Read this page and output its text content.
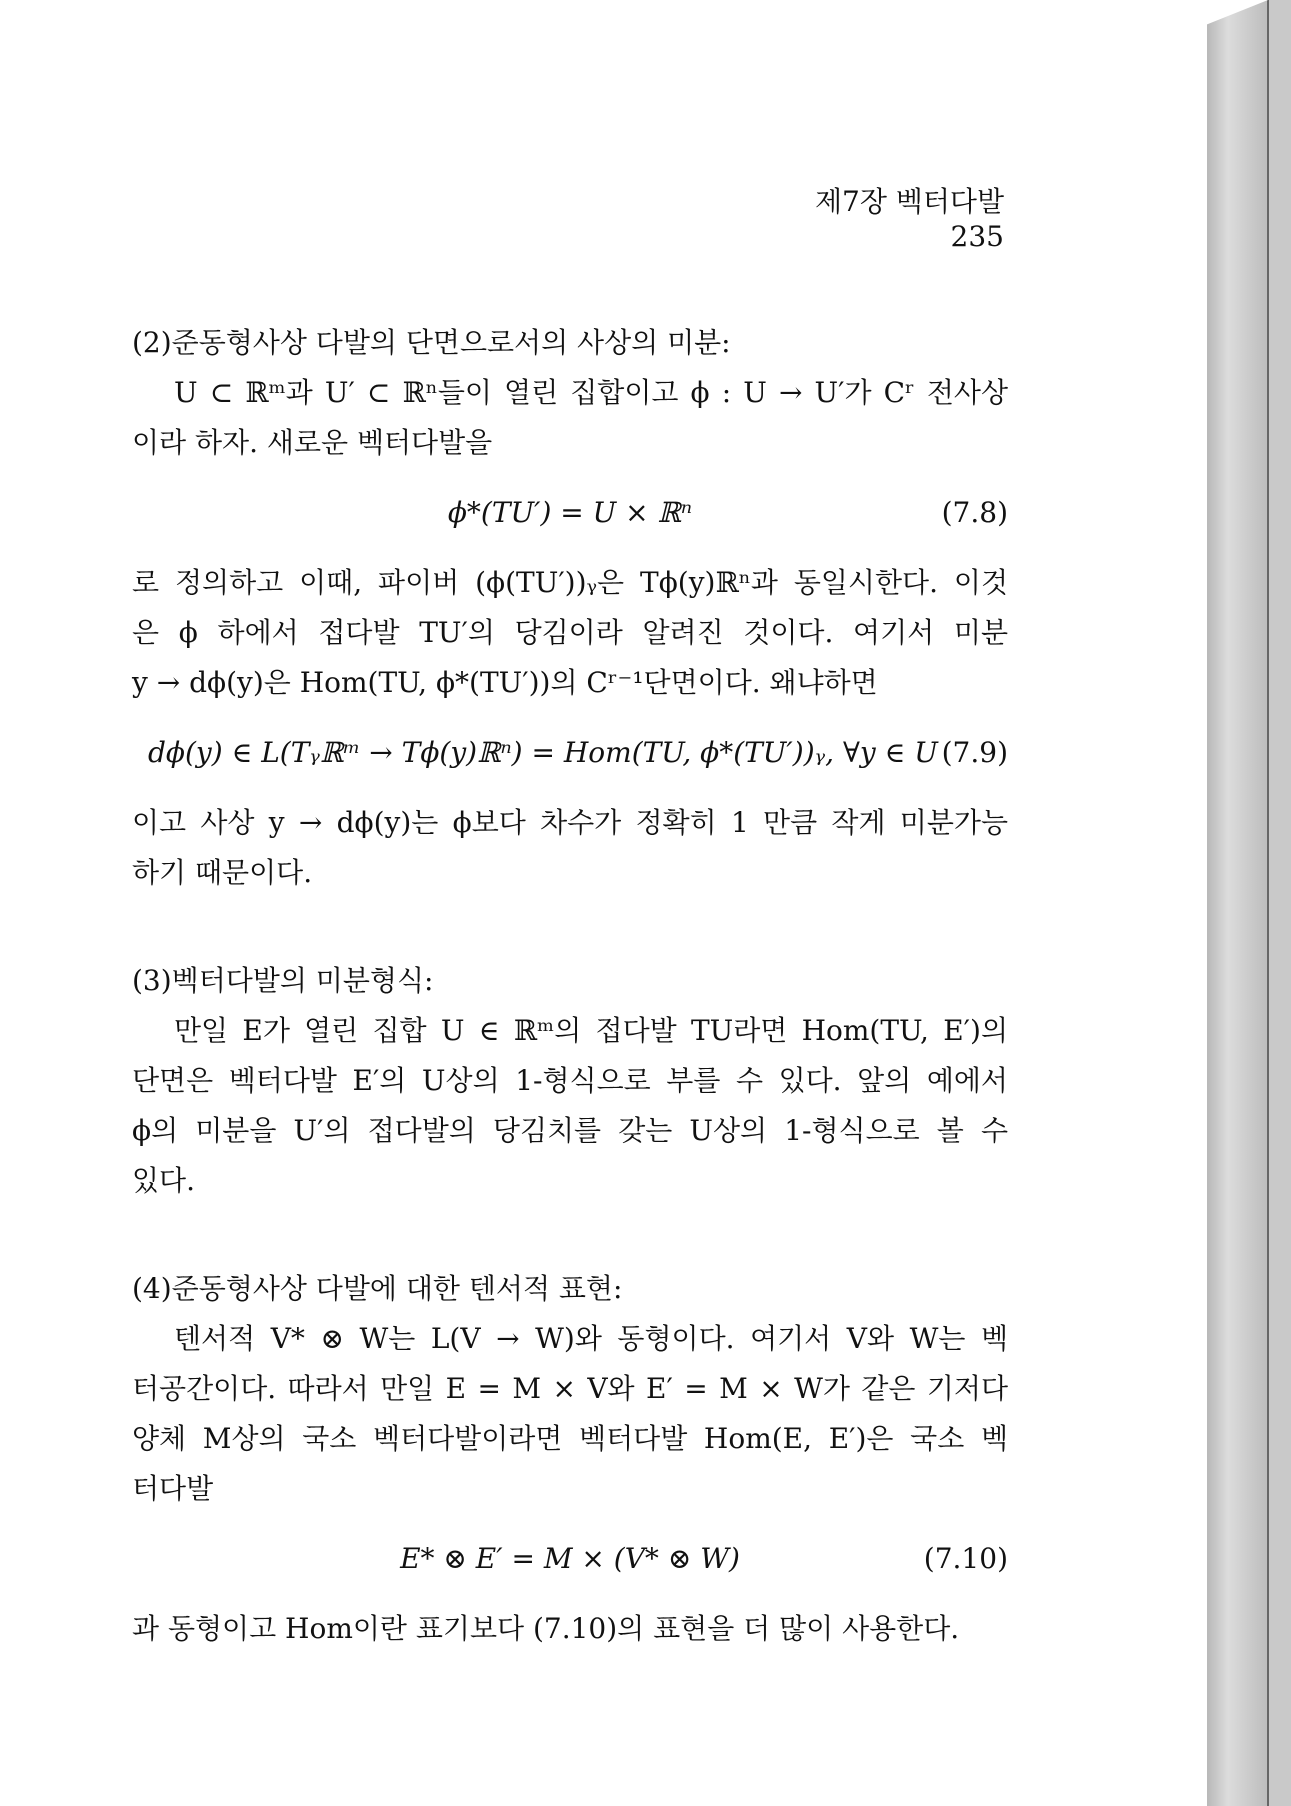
제7장 벡터다발 235
(2)준동형사상 다발의 단면으로서의 사상의 미분:
U ⊂ ℝᵐ과 U′ ⊂ ℝⁿ들이 열린 집합이고 ϕ : U → U′가 Cʳ 전사상
이라 하자. 새로운 벡터다발을
ϕ*(TU′) = U × ℝⁿ	(7.8)
로 정의하고 이때, 파이버 (ϕ(TU′))ᵧ은 Tϕ(y)ℝⁿ과 동일시한다. 이것
은 ϕ 하에서 접다발 TU′의 당김이라 알려진 것이다. 여기서 미분
y → dϕ(y)은 Hom(TU, ϕ*(TU′))의 Cʳ⁻¹단면이다. 왜냐하면
dϕ(y) ∈ L(Tᵧℝᵐ → Tϕ(y)ℝⁿ) = Hom(TU, ϕ*(TU′))ᵧ, ∀y ∈ U (7.9)
이고 사상 y → dϕ(y)는 ϕ보다 차수가 정확히 1 만큼 작게 미분가능
하기 때문이다.
(3)벡터다발의 미분형식:
만일 E가 열린 집합 U ∈ ℝᵐ의 접다발 TU라면 Hom(TU, E′)의
단면은 벡터다발 E′의 U상의 1-형식으로 부를 수 있다. 앞의 예에서
ϕ의 미분을 U′의 접다발의 당김치를 갖는 U상의 1-형식으로 볼 수
있다.
(4)준동형사상 다발에 대한 텐서적 표현:
텐서적 V* ⊗ W는 L(V → W)와 동형이다. 여기서 V와 W는 벡
터공간이다. 따라서 만일 E = M × V와 E′ = M × W가 같은 기저다
양체 M상의 국소 벡터다발이라면 벡터다발 Hom(E, E′)은 국소 벡
터다발
E* ⊗ E′ = M × (V* ⊗ W)	(7.10)
과 동형이고 Hom이란 표기보다 (7.10)의 표현을 더 많이 사용한다.
